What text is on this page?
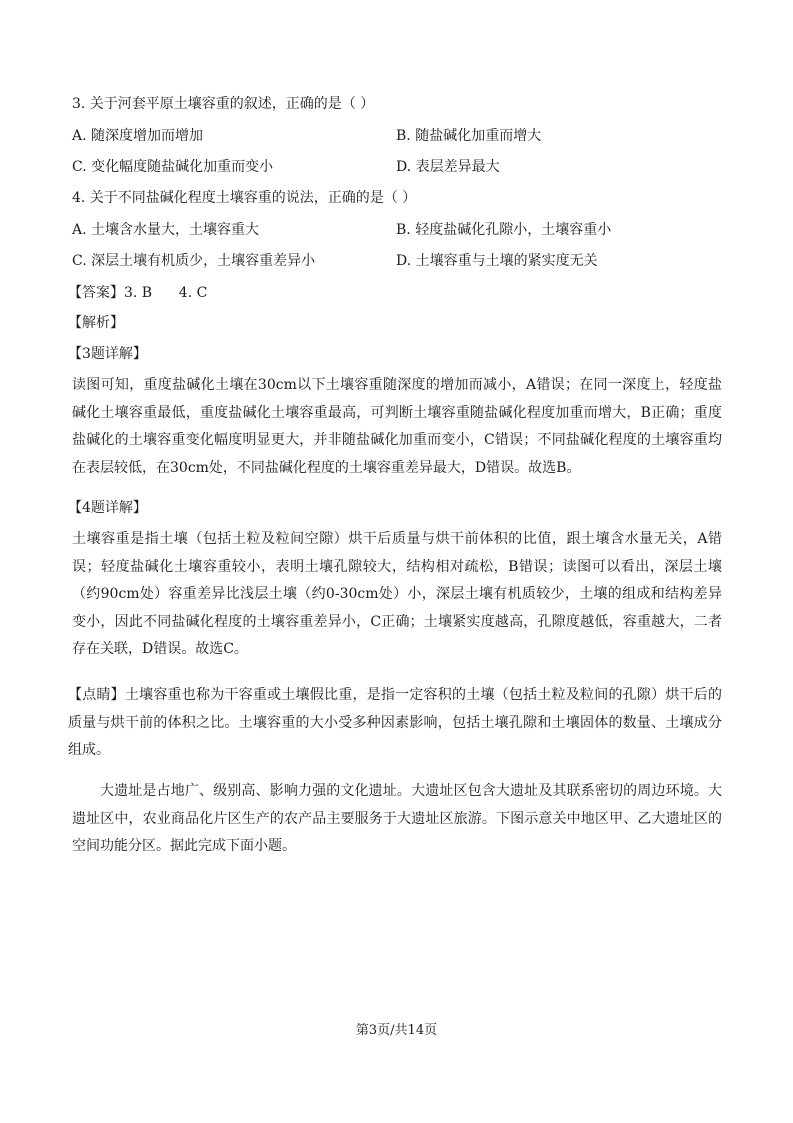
3. 关于河套平原土壤容重的叙述，正确的是（ ）
A. 随深度增加而增加	B. 随盐碱化加重而增大
C. 变化幅度随盐碱化加重而变小	D. 表层差异最大
4. 关于不同盐碱化程度土壤容重的说法，正确的是（ ）
A. 土壤含水量大，土壤容重大	B. 轻度盐碱化孔隙小，土壤容重小
C. 深层土壤有机质少，土壤容重差异小	D. 土壤容重与土壤的紧实度无关
【答案】3. B      4. C
【解析】
【3题详解】
读图可知，重度盐碱化土壤在30cm以下土壤容重随深度的增加而减小，A错误；在同一深度上，轻度盐碱化土壤容重最低，重度盐碱化土壤容重最高，可判断土壤容重随盐碱化程度加重而增大，B正确；重度盐碱化的土壤容重变化幅度明显更大，并非随盐碱化加重而变小，C错误；不同盐碱化程度的土壤容重均在表层较低，在30cm处，不同盐碱化程度的土壤容重差异最大，D错误。故选B。
【4题详解】
土壤容重是指土壤（包括土粒及粒间空隙）烘干后质量与烘干前体积的比值，跟土壤含水量无关，A错误；轻度盐碱化土壤容重较小，表明土壤孔隙较大，结构相对疏松，B错误；读图可以看出，深层土壤（约90cm处）容重差异比浅层土壤（约0-30cm处）小，深层土壤有机质较少，土壤的组成和结构差异变小，因此不同盐碱化程度的土壤容重差异小，C正确；土壤紧实度越高，孔隙度越低，容重越大，二者存在关联，D错误。故选C。
【点睛】土壤容重也称为干容重或土壤假比重，是指一定容积的土壤（包括土粒及粒间的孔隙）烘干后的质量与烘干前的体积之比。土壤容重的大小受多种因素影响，包括土壤孔隙和土壤固体的数量、土壤成分组成。
大遗址是占地广、级别高、影响力强的文化遗址。大遗址区包含大遗址及其联系密切的周边环境。大遗址区中，农业商品化片区生产的农产品主要服务于大遗址区旅游。下图示意关中地区甲、乙大遗址区的空间功能分区。据此完成下面小题。
第3页/共14页
